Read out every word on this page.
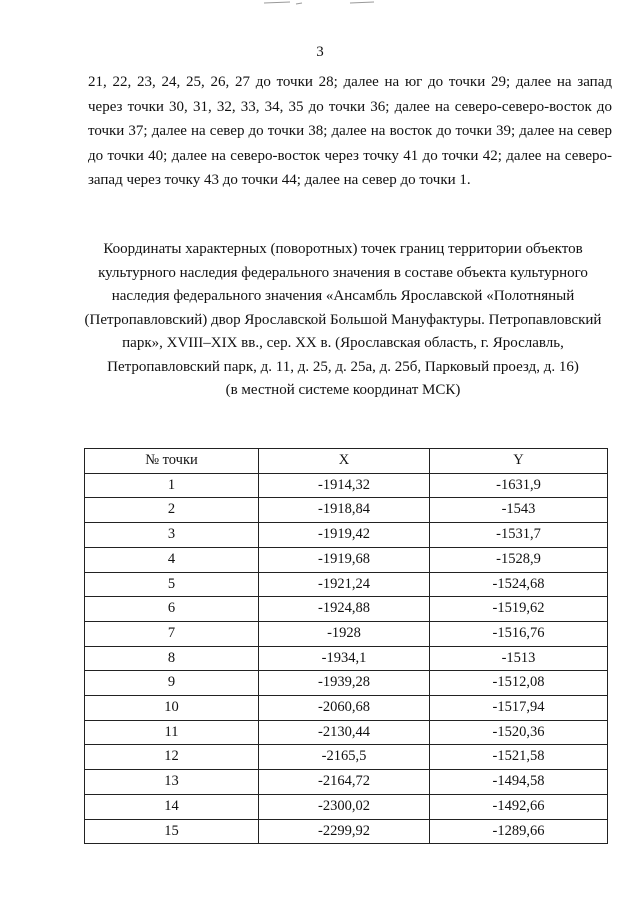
3

21, 22, 23, 24, 25, 26, 27 до точки 28; далее на юг до точки 29; далее на запад через точки 30, 31, 32, 33, 34, 35 до точки 36; далее на северо-северо-восток до точки 37; далее на север до точки 38; далее на восток до точки 39; далее на север до точки 40; далее на северо-восток через точку 41 до точки 42; далее на северо-запад через точку 43 до точки 44; далее на север до точки 1.

Координаты характерных (поворотных) точек границ территории объектов культурного наследия федерального значения в составе объекта культурного наследия федерального значения «Ансамбль Ярославской «Полотняный (Петропавловский) двор Ярославской Большой Мануфактуры. Петропавловский парк», XVIII–XIX вв., сер. XX в. (Ярославская область, г. Ярославль, Петропавловский парк, д. 11, д. 25, д. 25а, д. 25б, Парковый проезд, д. 16)

(в местной системе координат МСК)

№ точки	X	Y
1	-1914,32	-1631,9
2	-1918,84	-1543
3	-1919,42	-1531,7
4	-1919,68	-1528,9
5	-1921,24	-1524,68
6	-1924,88	-1519,62
7	-1928	-1516,76
8	-1934,1	-1513
9	-1939,28	-1512,08
10	-2060,68	-1517,94
11	-2130,44	-1520,36
12	-2165,5	-1521,58
13	-2164,72	-1494,58
14	-2300,02	-1492,66
15	-2299,92	-1289,66
